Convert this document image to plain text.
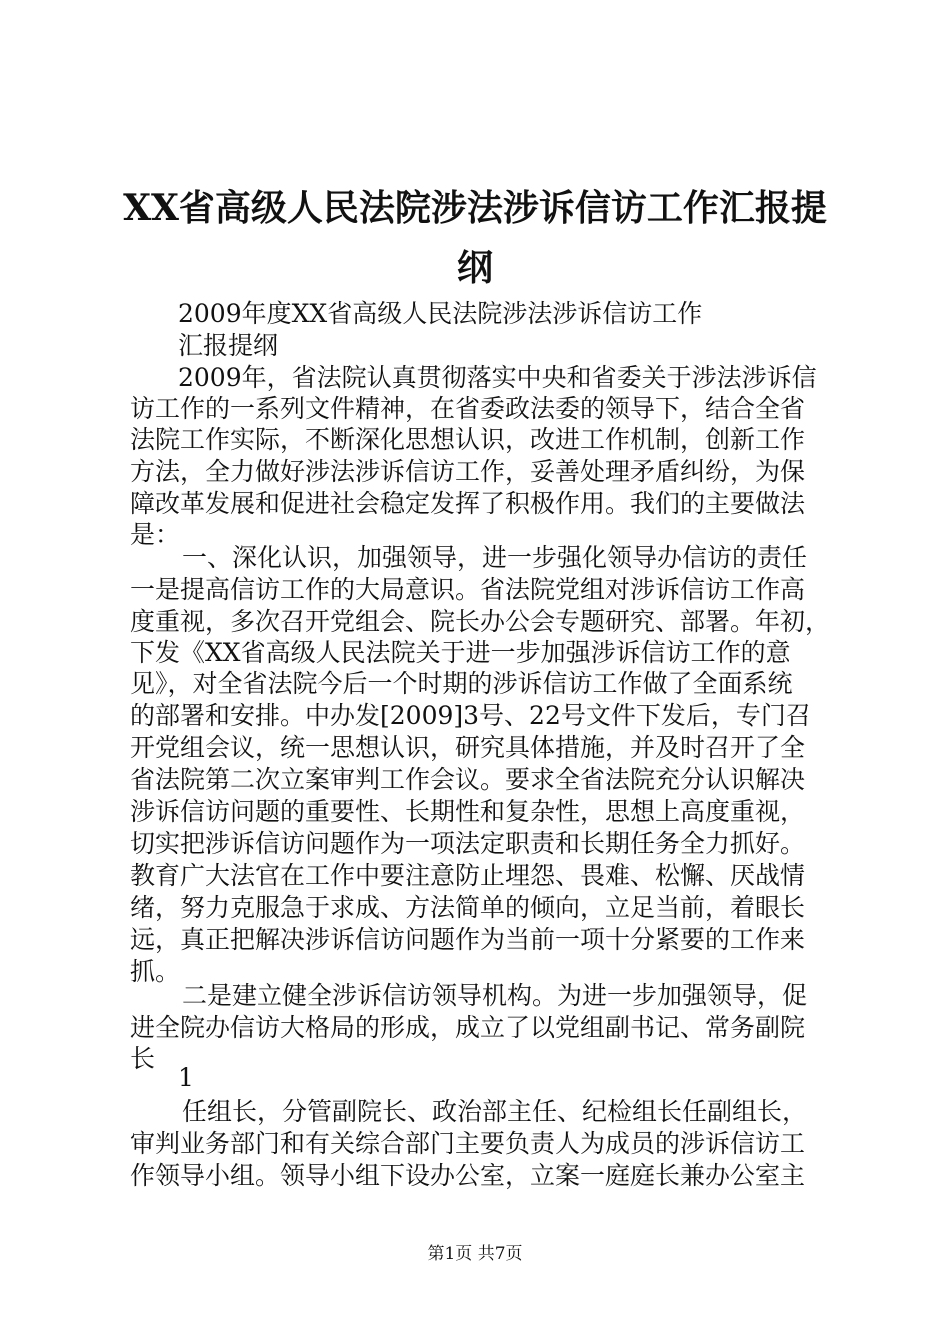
XX省高级人民法院涉法涉诉信访工作汇报提
纲
2009年度XX省高级人民法院涉法涉诉信访工作
汇报提纲
2009年，省法院认真贯彻落实中央和省委关于涉法涉诉信
访工作的一系列文件精神，在省委政法委的领导下，结合全省
法院工作实际，不断深化思想认识，改进工作机制，创新工作
方法，全力做好涉法涉诉信访工作，妥善处理矛盾纠纷，为保
障改革发展和促进社会稳定发挥了积极作用。我们的主要做法
是：
一、深化认识，加强领导，进一步强化领导办信访的责任
一是提高信访工作的大局意识。省法院党组对涉诉信访工作高
度重视，多次召开党组会、院长办公会专题研究、部署。年初，
下发《XX省高级人民法院关于进一步加强涉诉信访工作的意
见》，对全省法院今后一个时期的涉诉信访工作做了全面系统
的部署和安排。中办发[2009]3号、22号文件下发后，专门召
开党组会议，统一思想认识，研究具体措施，并及时召开了全
省法院第二次立案审判工作会议。要求全省法院充分认识解决
涉诉信访问题的重要性、长期性和复杂性，思想上高度重视，
切实把涉诉信访问题作为一项法定职责和长期任务全力抓好。
教育广大法官在工作中要注意防止埋怨、畏难、松懈、厌战情
绪，努力克服急于求成、方法简单的倾向，立足当前，着眼长
远，真正把解决涉诉信访问题作为当前一项十分紧要的工作来
抓。
二是建立健全涉诉信访领导机构。为进一步加强领导，促
进全院办信访大格局的形成，成立了以党组副书记、常务副院
长
任组长，分管副院长、政治部主任、纪检组长任副组长，
审判业务部门和有关综合部门主要负责人为成员的涉诉信访工
作领导小组。领导小组下设办公室，立案一庭庭长兼办公室主
1
第1页 共7页
